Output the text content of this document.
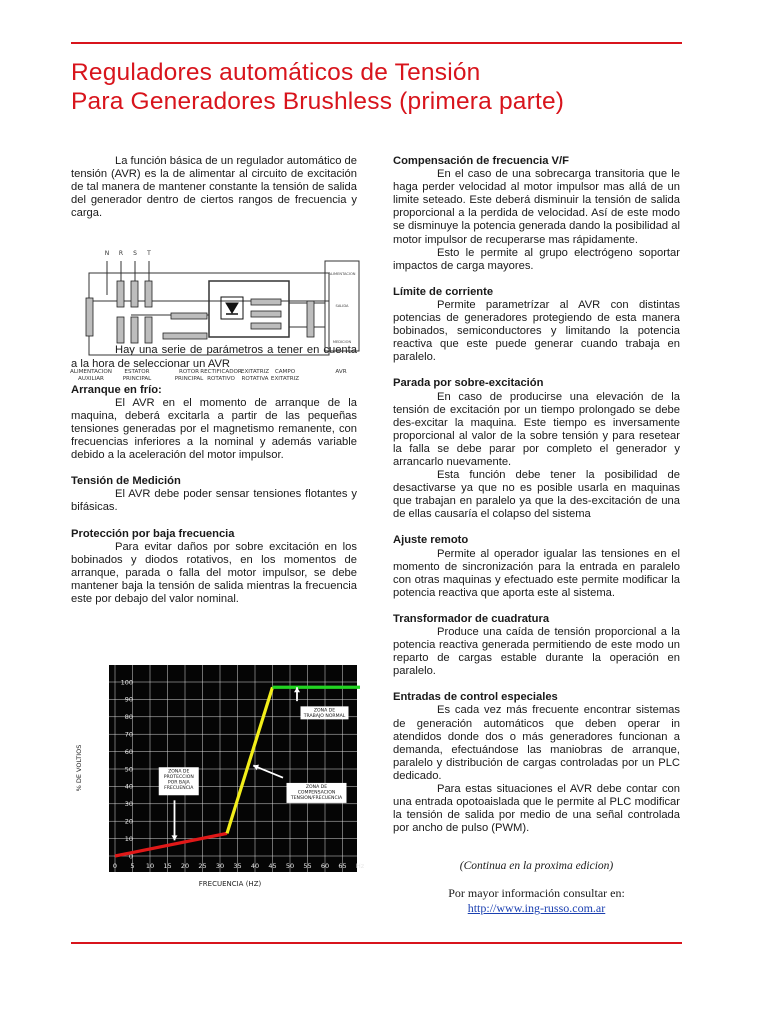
Reguladores automáticos de Tensión
Para Generadores Brushless (primera parte)

La función básica de un regulador automático de tensión (AVR) es la de alimentar al circuito de excitación de tal manera de mantener constante la tensión de salida del generador dentro de ciertos rangos de frecuencia y carga.

Hay una serie de parámetros a tener en cuenta a la hora de seleccionar un AVR

Arranque en frío:

El AVR en el momento de arranque de la maquina, deberá excitarla a partir de las pequeñas tensiones generadas por el magnetismo remanente, con frecuencias inferiores a la nominal y además variable debido a la aceleración del motor impulsor.

Tensión de Medición

El AVR debe poder sensar tensiones flotantes y bifásicas.

Protección por baja frecuencia

Para evitar daños por sobre excitación en los bobinados y diodos rotativos, en los momentos de arranque, parada o falla del motor impulsor, se debe mantener baja la tensión de salida mientras la frecuencia este por debajo del valor nominal.

N R S T
ALIMENTACION
SALIDA
MEDICION
ALIMENTACION AUXILIAR
ESTATOR PRINCIPAL
ROTOR PRINCIPAL
RECTIFICADOR ROTATIVO
EXITATRIZ ROTATIVA
CAMPO EXITATRIZ
AVR
0
10
20
30
40
50
60
70
80
90
100
0 5 10 15 20 25 30 35 40 45 50 55 60 65 Hz
% DE VOLTIOS
FRECUENCIA (HZ)
ZONA DE TRABAJO NORMAL
ZONA DE COMPENSACION TENSION/FRECUENCIA
ZONA DE PROTECCION POR BAJA FRECUENCIA
Compensación de frecuencia V/F

En el caso de una sobrecarga transitoria que le haga perder velocidad al motor impulsor mas allá de un limite seteado. Este deberá disminuir la tensión de salida proporcional a la perdida de velocidad. Así de este modo se disminuye la potencia generada dando la posibilidad al motor impulsor de recuperarse mas rápidamente.

Esto le permite al grupo electrógeno soportar impactos de carga mayores.

Límite de corriente

Permite parametrízar al AVR con distintas potencias de generadores protegiendo de esta manera bobinados, semiconductores y limitando la potencia reactiva que este puede generar cuando trabaja en paralelo.

Parada por sobre-excitación

En caso de producirse una elevación de la tensión de excitación por un tiempo prolongado se debe des-excitar la maquina. Este tiempo es inversamente proporcional al valor de la sobre tensión y para resetear la falla se debe parar por completo el generador y arrancarlo nuevamente.

Esta función debe tener la posibilidad de desactivarse ya que no es posible usarla en maquinas que trabajan en paralelo ya que la des-excitación de una de ellas causaría el colapso del sistema

Ajuste remoto

Permite al operador igualar las tensiones en el momento de sincronización para la entrada en paralelo con otras maquinas y efectuado este permite modificar la potencia reactiva que aporta este al sistema.

Transformador de cuadratura

Produce una caída de tensión proporcional a la potencia reactiva generada permitiendo de este modo un reparto de cargas estable durante la operación en paralelo.

Entradas de control especiales

Es cada vez más frecuente encontrar sistemas de generación automáticos que deben operar in atendidos donde dos o más generadores funcionan a demanda, efectuándose las maniobras de arranque, paralelo y distribución de cargas controladas por un PLC dedicado.

Para estas situaciones el AVR debe contar con una entrada opotoaislada que le permite al PLC modificar la tensión de salida por medio de una señal controlada por ancho de pulso (PWM).

(Continua en la proxima edicion)
Por mayor información consultar en:
http://www.ing-russo.com.ar
